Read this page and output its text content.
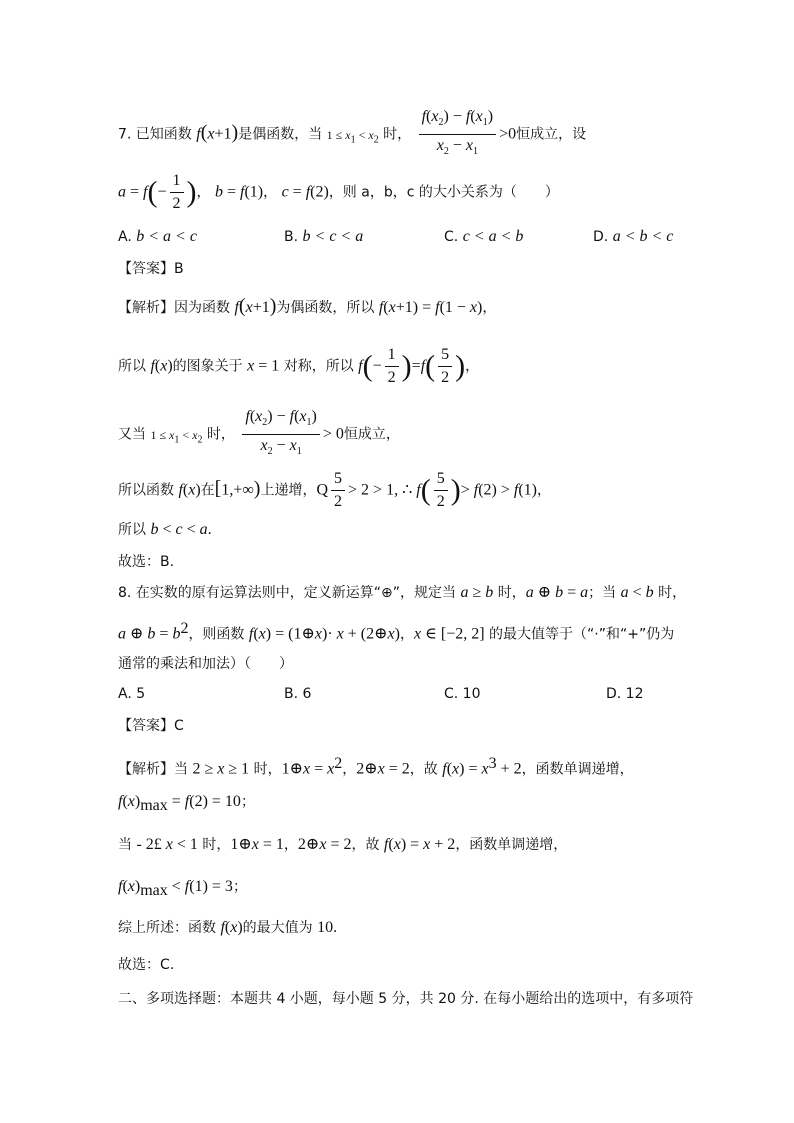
7. 已知函数 f(x+1)是偶函数，当 $1 \le x_1 < x_2$ 时， $\frac{f(x_2) - f(x_1)}{x_2 - x_1} >0$恒成立，设
$a = f(- \frac{1}{2}$ )， b = f(1)， c = f(2)，则 a，b，c 的大小关系为（　　）
A. b < a < c	B. b < c < a	C. c < a < b	D. a < b < c
【答案】B
【解析】因为函数 f(x+1)为偶函数，所以 f(x+1) = f(1 − x)，
所以 f(x)的图象关于 x = 1 对称，所以 $f(- \frac{1}{2} )=f( \frac{5}{2}$ )，
又当 $1 \le x_1 < x_2$ 时， $\frac{f(x_2) - f(x_1)}{x_2 - x_1} > 0$恒成立，
所以函数 f(x)在[1,+∞)上递增，Q $\frac{5}{2} > 2 > 1$, ∴ $f( \frac{5}{2}$ )> f(2) > f(1)，
所以 b < c < a.
故选：B.
8. 在实数的原有运算法则中，定义新运算“⊕”，规定当 a ≥ b 时，a ⊕ b = a；当 a < b 时，
a ⊕ $b = b^2$，则函数 f(x) = (1⊕x)· x + (2⊕x)，x ∈ [−2, 2] 的最大值等于（“·”和“+”仍为
通常的乘法和加法）（　　）
A. 5	B. 6	C. 10	D. 12
【答案】C
【解析】当 2 ≥ x ≥ 1 时，1⊕x = $x^2$，2⊕x = 2，故 $f(x) = x^3 + 2$，函数单调递增，
$f(x)_{max} = f(2) = 10$；
当 - 2£ x < 1 时，1⊕x = 1，2⊕x = 2，故 f(x) = x + 2，函数单调递增，
$f(x)_{max} < f(1) = 3$；
综上所述：函数 f(x)的最大值为 10.
故选：C.
二、多项选择题：本题共 4 小题，每小题 5 分，共 20 分. 在每小题给出的选项中，有多项符
